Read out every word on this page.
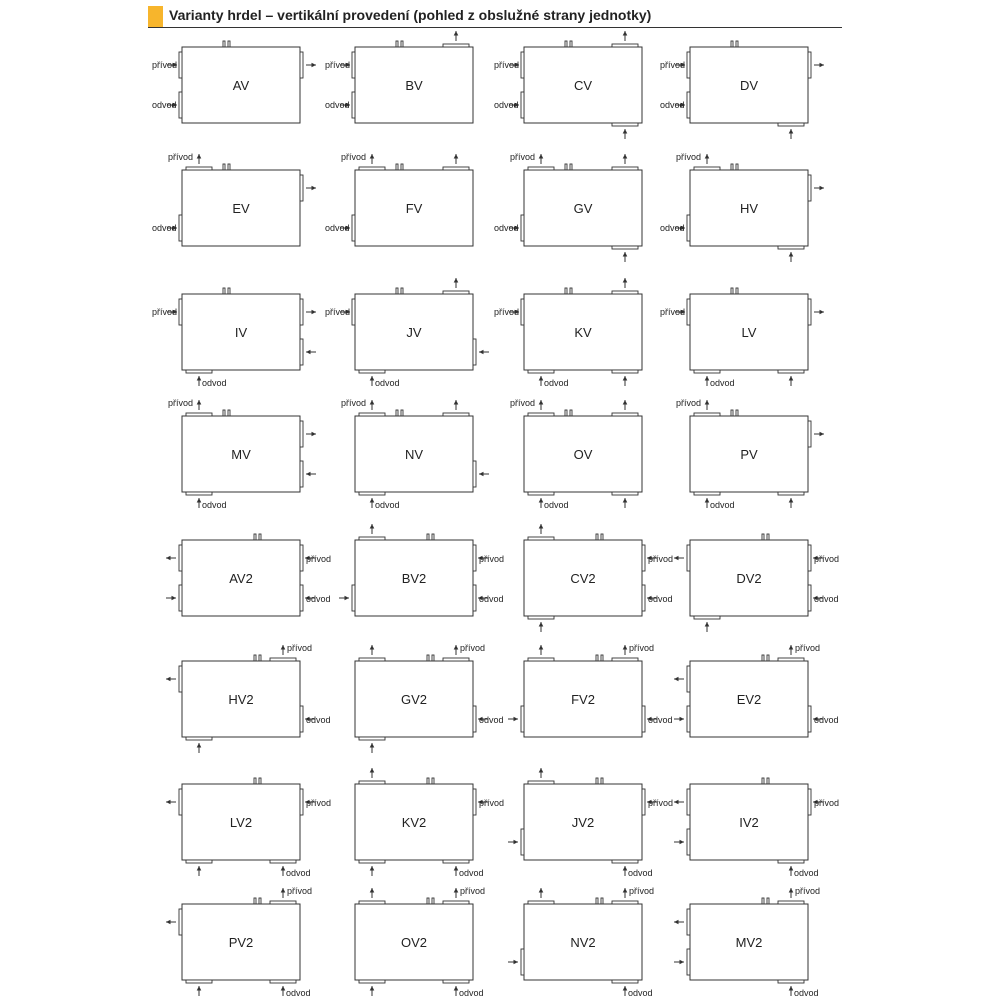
Varianty hrdel – vertikální provedení (pohled z obslužné strany jednotky)
AV
přívod
odvod
BV
přívod
odvod
CV
přívod
odvod
DV
přívod
odvod
EV
přívod
odvod
FV
přívod
odvod
GV
přívod
odvod
HV
přívod
odvod
IV
přívod
odvod
JV
přívod
odvod
KV
přívod
odvod
LV
přívod
odvod
MV
přívod
odvod
NV
přívod
odvod
OV
přívod
odvod
PV
přívod
odvod
AV2
přívod
odvod
BV2
přívod
odvod
CV2
přívod
odvod
DV2
přívod
odvod
HV2
přívod
odvod
GV2
přívod
odvod
FV2
přívod
odvod
EV2
přívod
odvod
LV2
přívod
odvod
KV2
přívod
odvod
JV2
přívod
odvod
IV2
přívod
odvod
PV2
přívod
odvod
OV2
přívod
odvod
NV2
přívod
odvod
MV2
přívod
odvod
